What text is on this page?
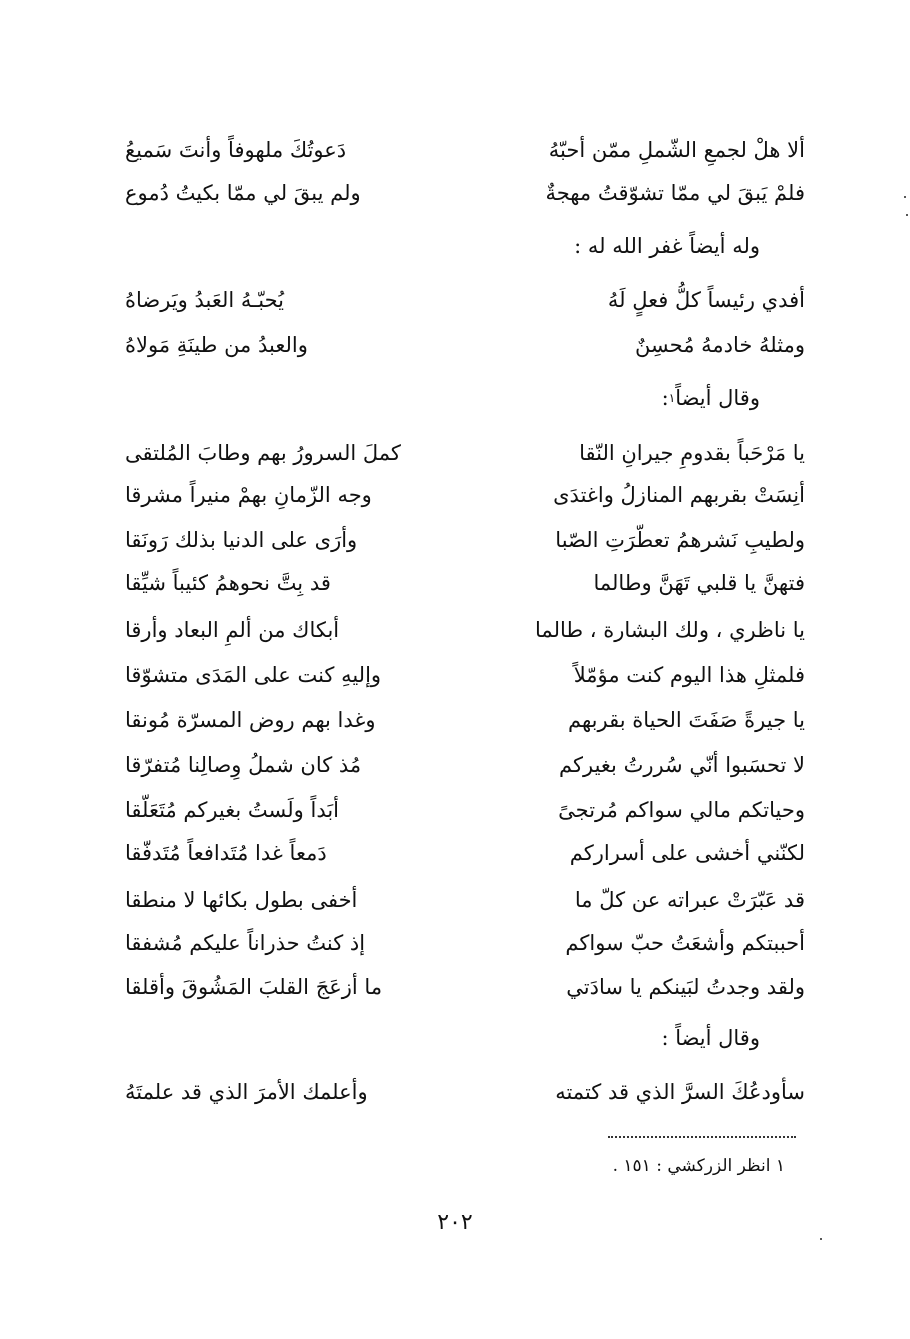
ألا هلْ لجمعِ الشّملِ ممّن أحبّهُ
دَعوتُكَ ملهوفاً وأنتَ سَميعُ
فلمْ يَبقَ لي ممّا تشوّقتُ مهجةٌ
ولم يبقَ لي ممّا بكيتُ دُموع
وله أيضاً غفر الله له :
أفدي رئيساً كلُّ فعلٍ لَهُ
يُحبّـهُ العَبدُ ويَرضاهُ
ومثلهُ خادمهُ مُحسِنٌ
والعبدُ من طينَةِ مَولاهُ
وقال أيضاً
١
:
يا مَرْحَباً بقدومِ جيرانِ النّقا
كملَ السرورُ بهم وطابَ المُلتقى
أنِسَتْ بقربهم المنازلُ واغتدَى
وجه الزّمانِ بهمْ منيراً مشرقا
ولطيبِ نَشرهمُ تعطّرَتِ الصّبا
وأرَى على الدنيا بذلك رَونَقا
فتهنَّ يا قلبي تَهَنَّ وطالما
قد بِتَّ نحوهمُ كئيباً شيِّقا
يا ناظري ، ولك البشارة ، طالما
أبكاك من ألمِ البعاد وأرقا
فلمثلِ هذا اليوم كنت مؤمّلاً
وإليهِ كنت على المَدَى متشوّقا
يا جيرةً صَفَتَ الحياة بقربهم
وغدا بهم روض المسرّة مُونقا
لا تحسَبوا أنّي سُررتُ بغيركم
مُذ كان شملُ وِصالِنا مُتفرّقا
وحياتكم مالي سواكم مُرتجىً
أبَداً ولَستُ بغيركم مُتَعَلّقا
لكنّني أخشى على أسراركم
دَمعاً غدا مُتَدافعاً مُتَدفّقا
قد عَبّرَتْ عبراته عن كلّ ما
أخفى بطول بكائها لا منطقا
أحببتكم وأشعَتُ حبّ سواكم
إذ كنتُ حذراناً عليكم مُشفقا
ولقد وجدتُ لبَينكم يا سادَتي
ما أزعَجَ القلبَ المَشُوقَ وأقلقا
وقال أيضاً :
سأودعُكَ السرَّ الذي قد كتمته
وأعلمك الأمرَ الذي قد علمتَهُ
١ انظر الزركشي : ١٥١ .
٢٠٢
